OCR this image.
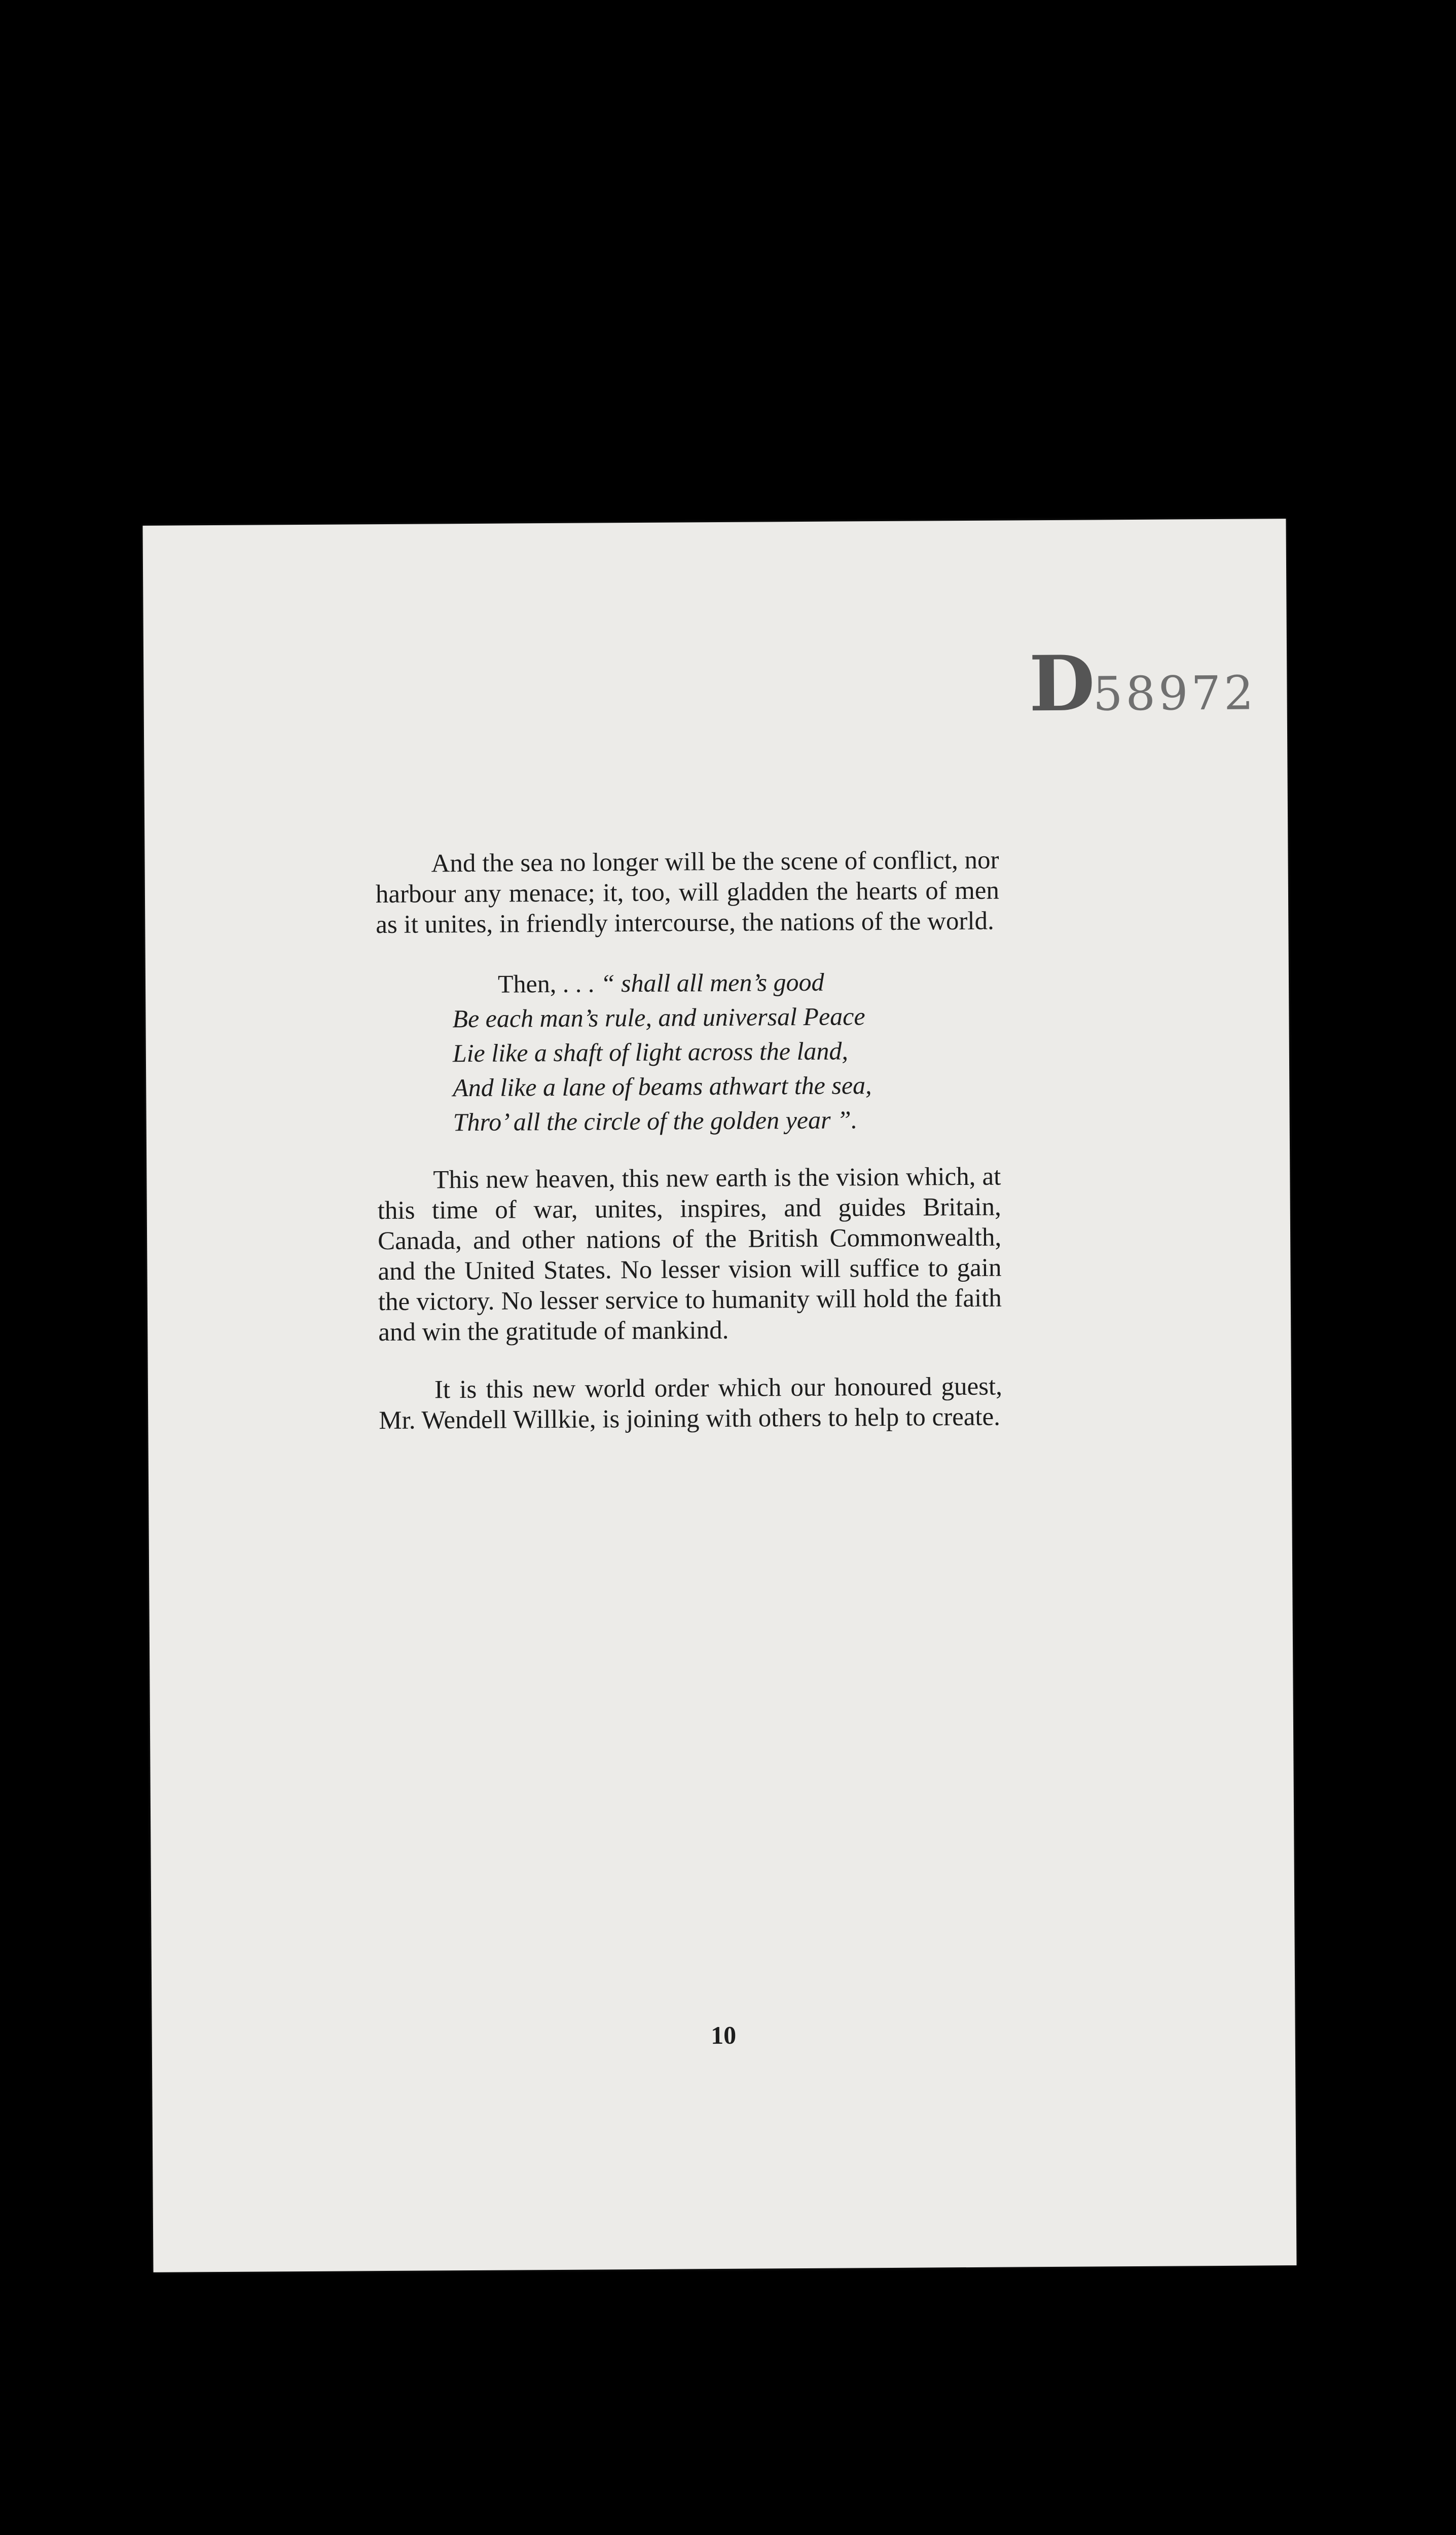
D58972

And the sea no longer will be the scene of conflict, nor harbour any menace; it, too, will gladden the hearts of men as it unites, in friendly intercourse, the nations of the world.

Then, . . . “ shall all men’s good
Be each man’s rule, and universal Peace
Lie like a shaft of light across the land,
And like a lane of beams athwart the sea,
Thro’ all the circle of the golden year ”.

This new heaven, this new earth is the vision which, at this time of war, unites, inspires, and guides Britain, Canada, and other nations of the British Commonwealth, and the United States. No lesser vision will suffice to gain the victory. No lesser service to humanity will hold the faith and win the gratitude of mankind.

It is this new world order which our honoured guest, Mr. Wendell Willkie, is joining with others to help to create.

10
